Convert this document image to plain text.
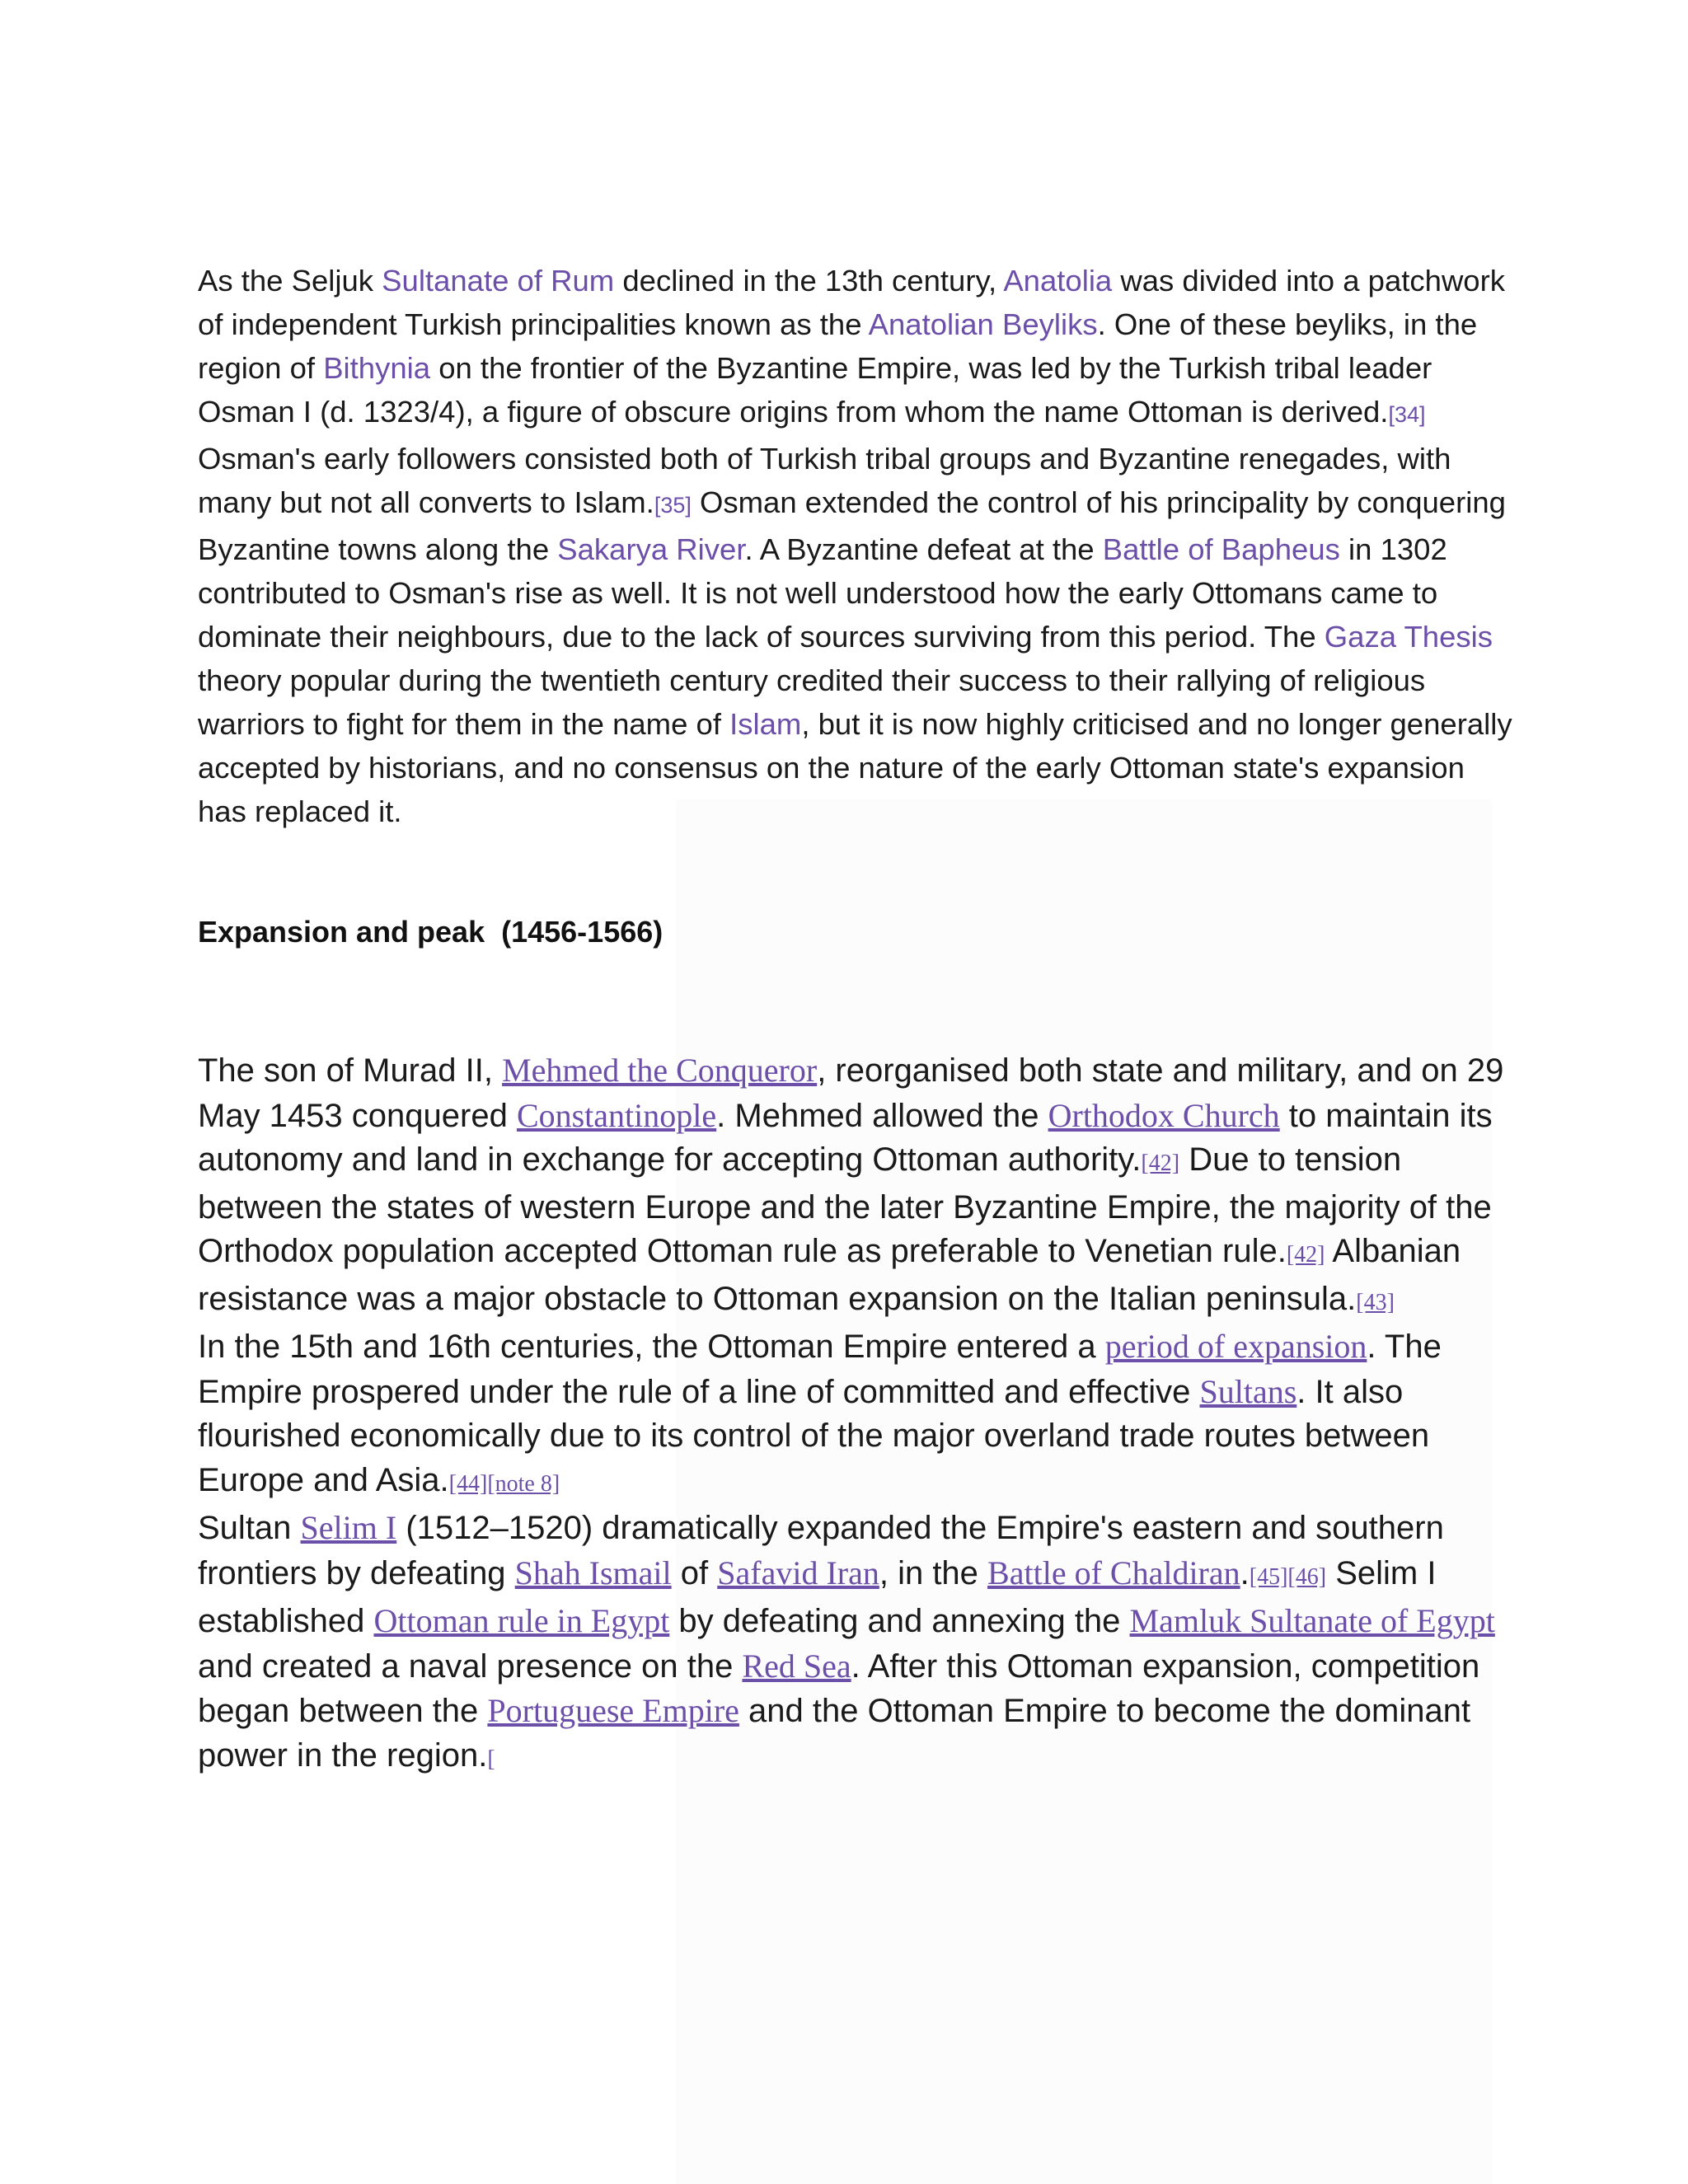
As the Seljuk Sultanate of Rum declined in the 13th century, Anatolia was divided into a patchwork of independent Turkish principalities known as the Anatolian Beyliks. One of these beyliks, in the region of Bithynia on the frontier of the Byzantine Empire, was led by the Turkish tribal leader Osman I (d. 1323/4), a figure of obscure origins from whom the name Ottoman is derived.[34] Osman's early followers consisted both of Turkish tribal groups and Byzantine renegades, with many but not all converts to Islam.[35] Osman extended the control of his principality by conquering Byzantine towns along the Sakarya River. A Byzantine defeat at the Battle of Bapheus in 1302 contributed to Osman's rise as well. It is not well understood how the early Ottomans came to dominate their neighbours, due to the lack of sources surviving from this period. The Gaza Thesis theory popular during the twentieth century credited their success to their rallying of religious warriors to fight for them in the name of Islam, but it is now highly criticised and no longer generally accepted by historians, and no consensus on the nature of the early Ottoman state's expansion has replaced it.
Expansion and peak  (1456-1566)

The son of Murad II, Mehmed the Conqueror, reorganised both state and military, and on 29 May 1453 conquered Constantinople. Mehmed allowed the Orthodox Church to maintain its autonomy and land in exchange for accepting Ottoman authority.[42] Due to tension between the states of western Europe and the later Byzantine Empire, the majority of the Orthodox population accepted Ottoman rule as preferable to Venetian rule.[42] Albanian resistance was a major obstacle to Ottoman expansion on the Italian peninsula.[43]

In the 15th and 16th centuries, the Ottoman Empire entered a period of expansion. The Empire prospered under the rule of a line of committed and effective Sultans. It also flourished economically due to its control of the major overland trade routes between Europe and Asia.[44][note 8]

Sultan Selim I (1512–1520) dramatically expanded the Empire's eastern and southern frontiers by defeating Shah Ismail of Safavid Iran, in the Battle of Chaldiran.[45][46] Selim I established Ottoman rule in Egypt by defeating and annexing the Mamluk Sultanate of Egypt and created a naval presence on the Red Sea. After this Ottoman expansion, competition began between the Portuguese Empire and the Ottoman Empire to become the dominant power in the region.[
